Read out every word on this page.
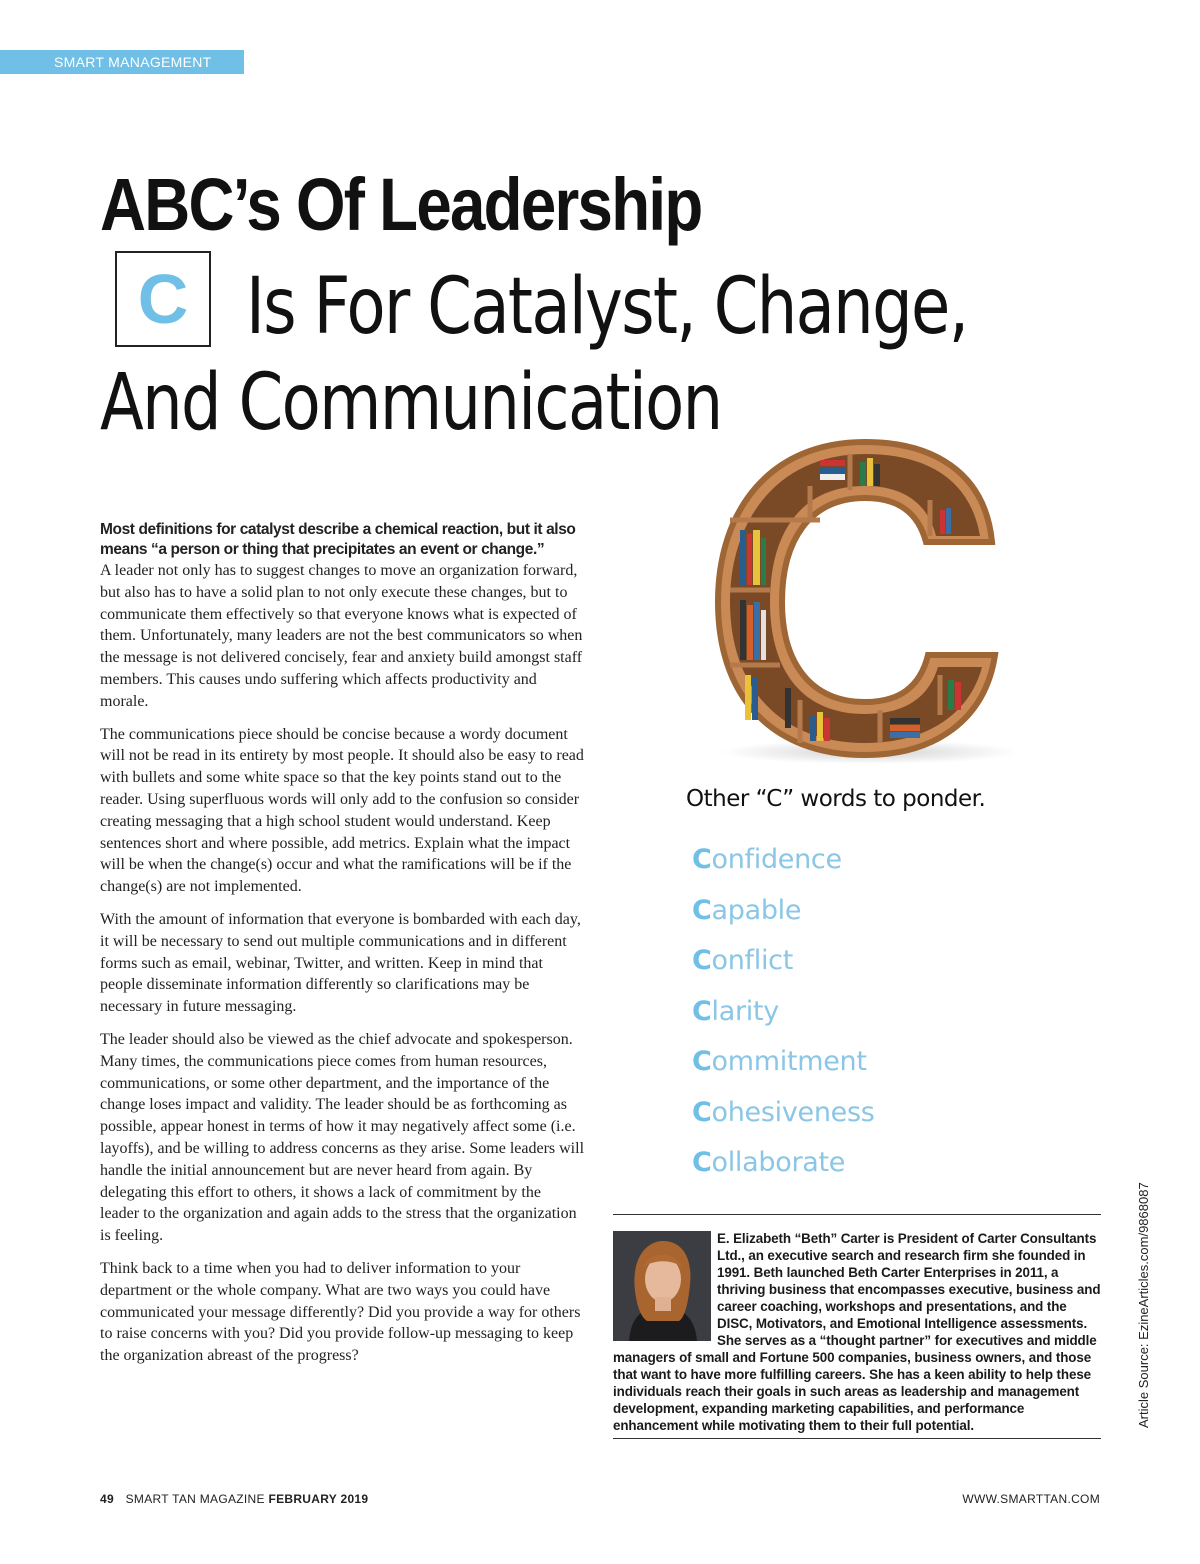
SMART MANAGEMENT
ABC’s Of Leadership
C Is For Catalyst, Change,
And Communication

Most definitions for catalyst describe a chemical reaction, but it also means “a person or thing that precipitates an event or change.”
A leader not only has to suggest changes to move an organization forward, but also has to have a solid plan to not only execute these changes, but to communicate them effectively so that everyone knows what is expected of them. Unfortunately, many leaders are not the best communicators so when the message is not delivered concisely, fear and anxiety build amongst staff members. This causes undo suffering which affects productivity and morale.

The communications piece should be concise because a wordy document will not be read in its entirety by most people. It should also be easy to read with bullets and some white space so that the key points stand out to the reader. Using superfluous words will only add to the confusion so consider creating messaging that a high school student would understand. Keep sentences short and where possible, add metrics. Explain what the impact will be when the change(s) occur and what the ramifications will be if the change(s) are not implemented.

With the amount of information that everyone is bombarded with each day, it will be necessary to send out multiple communications and in different forms such as email, webinar, Twitter, and written. Keep in mind that people disseminate information differently so clarifications may be necessary in future messaging.

The leader should also be viewed as the chief advocate and spokesperson. Many times, the communications piece comes from human resources, communications, or some other department, and the importance of the change loses impact and validity. The leader should be as forthcoming as possible, appear honest in terms of how it may negatively affect some (i.e. layoffs), and be willing to address concerns as they arise. Some leaders will handle the initial announcement but are never heard from again. By delegating this effort to others, it shows a lack of commitment by the leader to the organization and again adds to the stress that the organization is feeling.

Think back to a time when you had to deliver information to your department or the whole company. What are two ways you could have communicated your message differently? Did you provide a way for others to raise concerns with you? Did you provide follow-up messaging to keep the organization abreast of the progress?

Other “C” words to ponder.
Confidence
Capable
Conflict
Clarity
Commitment
Cohesiveness
Collaborate

E. Elizabeth “Beth” Carter is President of Carter Consultants Ltd., an executive search and research firm she founded in 1991. Beth launched Beth Carter Enterprises in 2011, a thriving business that encompasses executive, business and career coaching, workshops and presentations, and the DISC, Motivators, and Emotional Intelligence assessments. She serves as a “thought partner” for executives and middle managers of small and Fortune 500 companies, business owners, and those that want to have more fulfilling careers. She has a keen ability to help these individuals reach their goals in such areas as leadership and management development, expanding marketing capabilities, and performance enhancement while motivating them to their full potential.	Article Source: EzineArticles.com/9868087
49 SMART TAN MAGAZINE FEBRUARY 2019	WWW.SMARTTAN.COM
